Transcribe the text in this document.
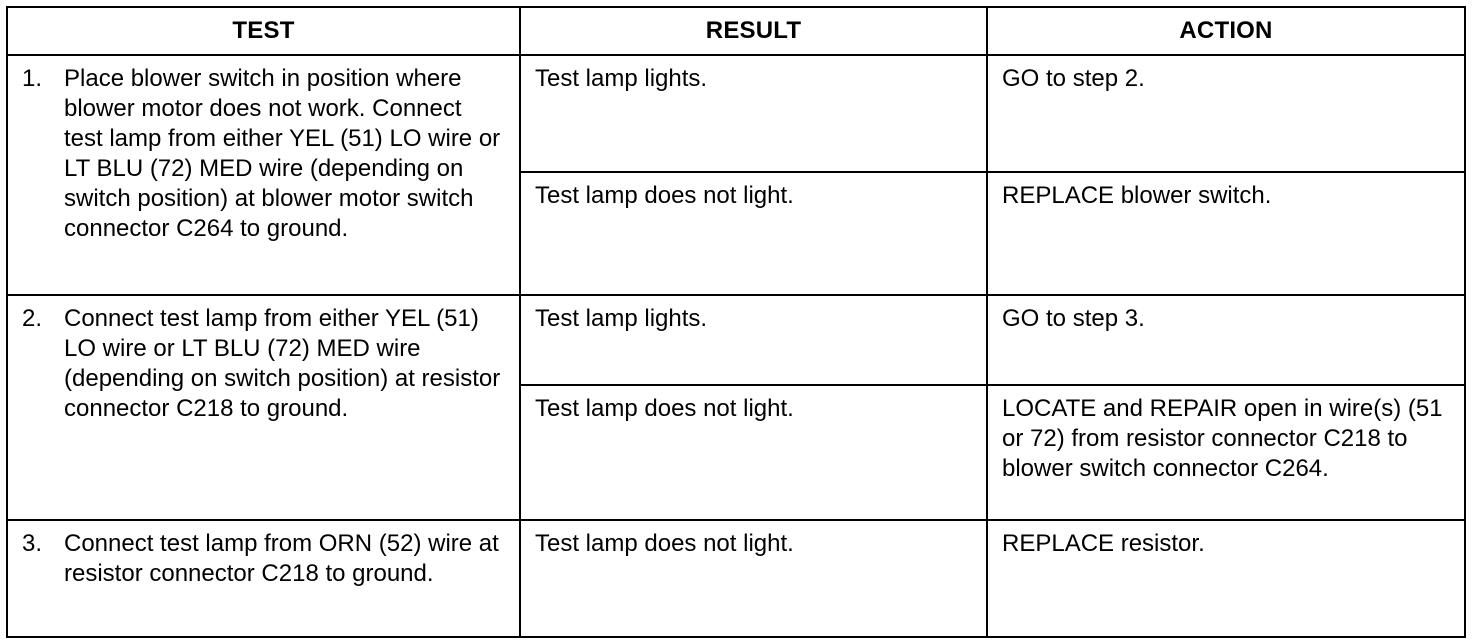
TEST	RESULT	ACTION

1. Place blower switch in position where blower motor does not work. Connect test lamp from either YEL (51) LO wire or LT BLU (72) MED wire (depending on switch position) at blower motor switch connector C264 to ground.	Test lamp lights.	GO to step 2.
	Test lamp does not light.	REPLACE blower switch.

2. Connect test lamp from either YEL (51) LO wire or LT BLU (72) MED wire (depending on switch position) at resistor connector C218 to ground.	Test lamp lights.	GO to step 3.
	Test lamp does not light.	LOCATE and REPAIR open in wire(s) (51 or 72) from resistor connector C218 to blower switch connector C264.

3. Connect test lamp from ORN (52) wire at resistor connector C218 to ground.	Test lamp does not light.	REPLACE resistor.
